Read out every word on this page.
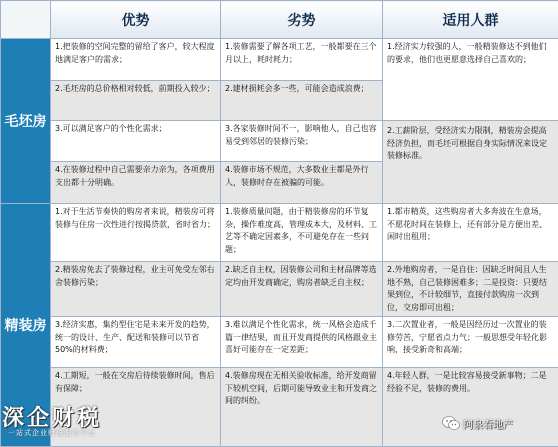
	优势	劣势	适用人群
毛坯房	1.把装修的空间完整的留给了客户，较大程度地满足客户的需求；	1.装修需要了解各项工艺，一般都要在三个月以上，耗时耗力；	1.经济实力较强的人，一般精装修达不到他们的要求，他们也更愿意选择自己喜欢的；
	2.毛坯房的总价格相对较低，前期投入较少；	2.建材损耗会多一些，可能会造成浪费；	
	3.可以满足客户的个性化需求；	3.各家装修时间不一，影响他人，自己也容易受到邻居的装修污染；	2.工薪阶层，受经济实力限制，精装房会提高经济负担，而毛坯可根据自身实际情况来设定装修标准。
	4.在装修过程中自己需要亲力亲为，各项费用支出都十分明确。	4.装修市场不规范，大多数业主都是外行人，装修时存在被骗的可能。	
精装房	1.对于生活节奏快的购房者来说，精装房可将装修与住房一次性进行按揭贷款，省时省力；	1.装修质量问题，由于精装修房的环节复杂，操作难度高，管理成本大，及材料、工艺等不确定因素多，不可避免存在一些问题；	1.都市精英，这些购房者大多奔波在生意场，不愿花时间在装修上，还有部分是方便出差、闲时出租用；
	2.精装房免去了装修过程，业主可免受左邻右舍装修污染；	2.缺乏自主权，因装修公司和主材品牌等选定均由开发商确定，购房者缺乏自主权；	2.外地购房者，一是自住：因缺乏时间且人生地不熟，自己装修困难多；二是投资：只要结果到位，不计较细节，直接付款购房一次到位，交房即可出租；
	3.经济实惠，集约型住宅是未来开发的趋势，统一的设计、生产、配送和装修可以节省50%的材料费；	3.难以满足个性化需求，统一风格会造成千篇一律结果，而且开发商提供的风格跟业主喜好可能存在一定差距；	3.二次置业者，一般是因经历过一次置业的装修劳苦，宁愿省点力气；一般思想受年轻化影响，接受新奇和高端；
	4.工期短，一般在交房后待续装修时间，售后有保障；	4.装修房现在无相关验收标准，给开发商留下较机空间，后期可能导致业主和开发商之间的纠纷。	4.年轻人群，一是比较容易接受新事物；二是经验不足，装修的费用。
深企财税
一站式企业财税服务平台
阿泉看地产
